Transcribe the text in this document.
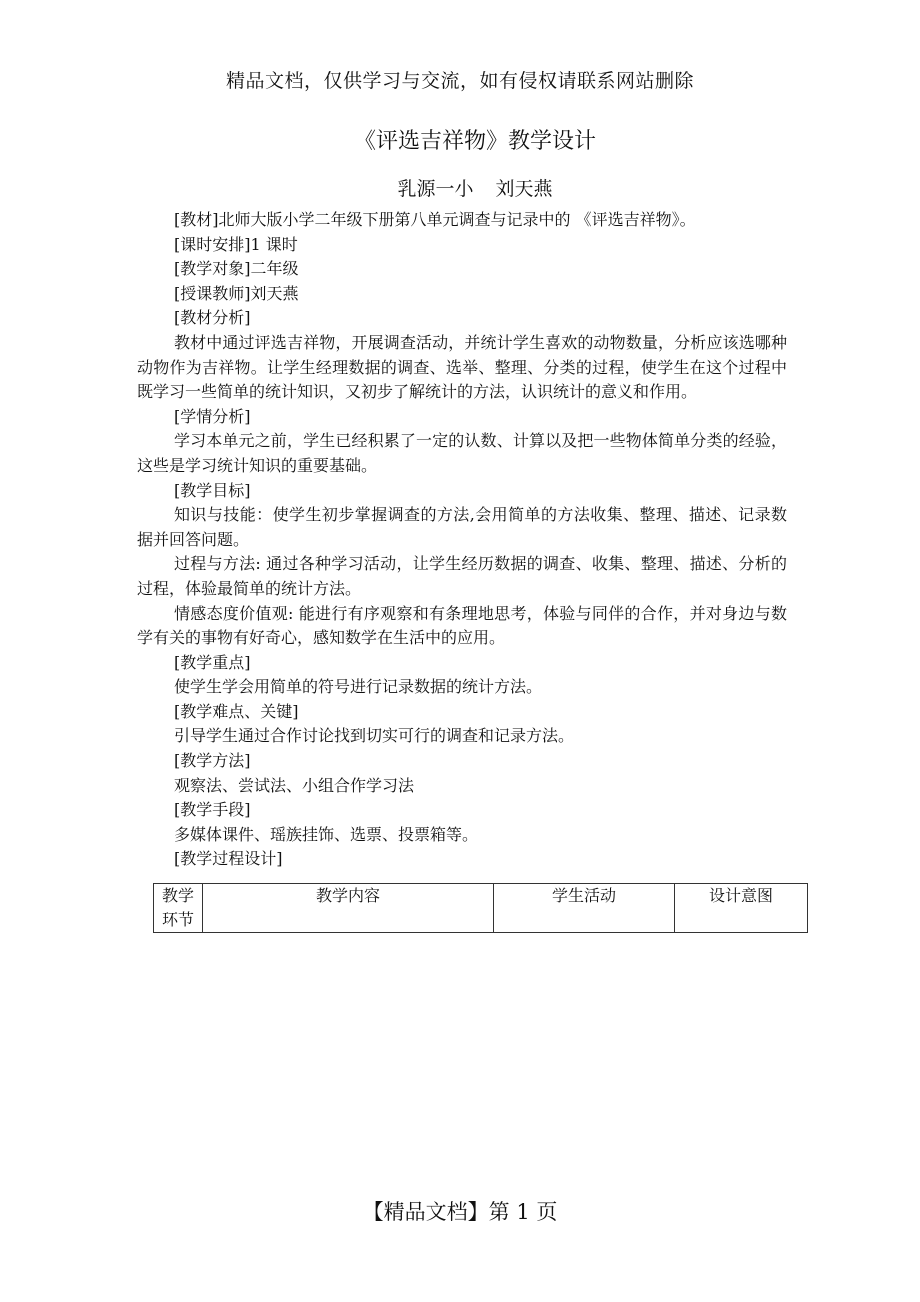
精品文档，仅供学习与交流，如有侵权请联系网站删除
《评选吉祥物》教学设计
乳源一小 刘天燕
[教材]北师大版小学二年级下册第八单元调查与记录中的 《评选吉祥物》。
[课时安排]1 课时
[教学对象]二年级
[授课教师]刘天燕
[教材分析]

教材中通过评选吉祥物，开展调查活动，并统计学生喜欢的动物数量，分析应该选哪种动物作为吉祥物。让学生经理数据的调查、选举、整理、分类的过程，使学生在这个过程中既学习一些简单的统计知识，又初步了解统计的方法，认识统计的意义和作用。

[学情分析]

学习本单元之前，学生已经积累了一定的认数、计算以及把一些物体简单分类的经验，这些是学习统计知识的重要基础。

[教学目标]

知识与技能：使学生初步掌握调查的方法,会用简单的方法收集、整理、描述、记录数据并回答问题。

过程与方法: 通过各种学习活动，让学生经历数据的调查、收集、整理、描述、分析的过程，体验最简单的统计方法。

情感态度价值观: 能进行有序观察和有条理地思考，体验与同伴的合作，并对身边与数学有关的事物有好奇心，感知数学在生活中的应用。

[教学重点]
使学生学会用简单的符号进行记录数据的统计方法。
[教学难点、关键]
引导学生通过合作讨论找到切实可行的调查和记录方法。
[教学方法]
观察法、尝试法、小组合作学习法
[教学手段]
多媒体课件、瑶族挂饰、选票、投票箱等。
[教学过程设计]
教学环节	教学内容	学生活动	设计意图
【精品文档】第 1 页
